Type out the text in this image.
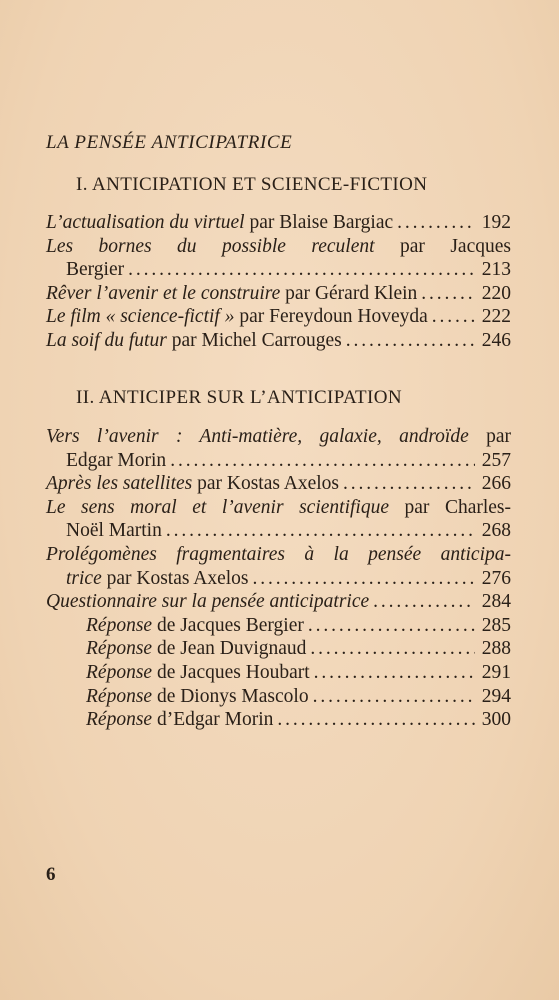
LA PENSÉE ANTICIPATRICE
I. ANTICIPATION ET SCIENCE-FICTION
L’actualisation du virtuel par Blaise Bargiac . . .	192
Les bornes du possible reculent par Jacques
Bergier . . .	213
Rêver l’avenir et le construire par Gérard Klein . . .	220
Le film « science-fictif » par Fereydoun Hoveyda . . .	222
La soif du futur par Michel Carrouges . . .	246
II. ANTICIPER SUR L’ANTICIPATION
Vers l’avenir : Anti-matière, galaxie, androïde par
Edgar Morin . . .	257
Après les satellites par Kostas Axelos . . .	266
Le sens moral et l’avenir scientifique par Charles-
Noël Martin . . .	268
Prolégomènes fragmentaires à la pensée anticipa-
trice par Kostas Axelos . . .	276
Questionnaire sur la pensée anticipatrice . . .	284
Réponse de Jacques Bergier . . .	285
Réponse de Jean Duvignaud . . .	288
Réponse de Jacques Houbart . . .	291
Réponse de Dionys Mascolo . . .	294
Réponse d’Edgar Morin . . .	300
6
